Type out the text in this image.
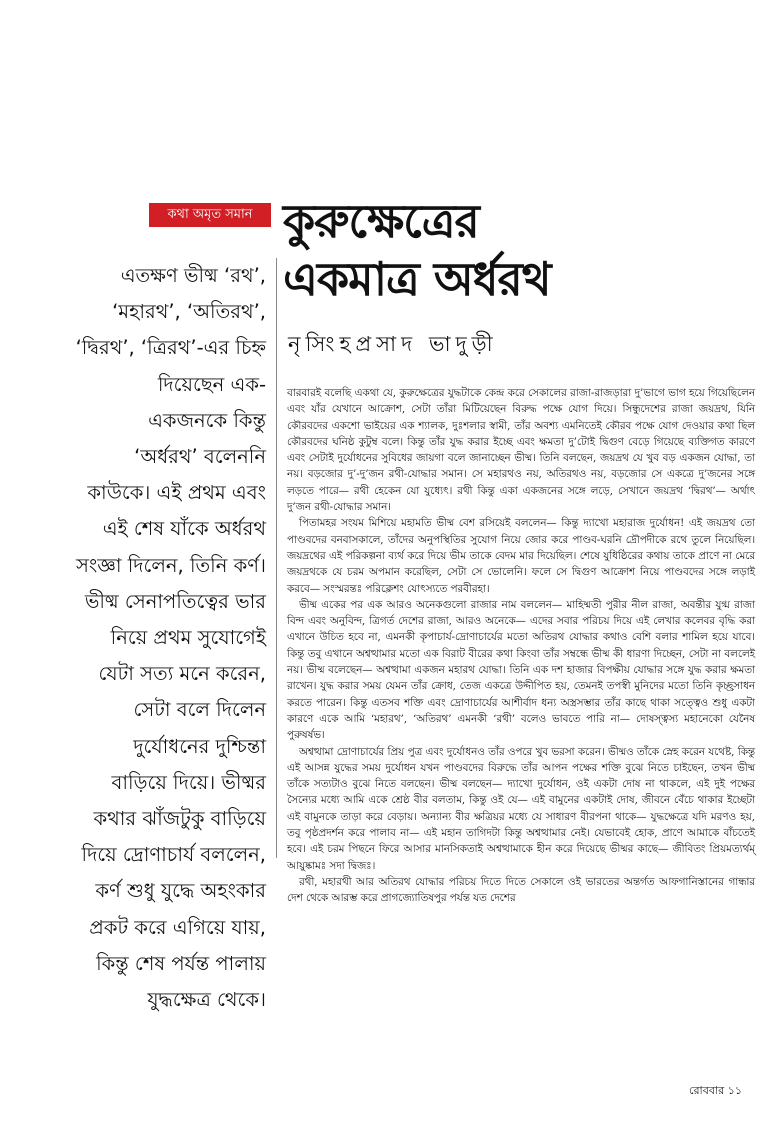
কথা অমৃত সমান কুরুক্ষেত্রের
একমাত্র অর্ধরথ
নৃসিংহপ্রসাদ ভাদুড়ী
এতক্ষণ ভীষ্ম ‘রথ’,
‘মহারথ’, ‘অতিরথ’,
‘দ্বিরথ’, ‘ত্রিরথ’-এর চিহ্ন
দিয়েছেন এক-
একজনকে কিন্তু
‘অর্ধরথ’ বলেননি
কাউকে। এই প্রথম এবং
এই শেষ যাঁকে অর্ধরথ
সংজ্ঞা দিলেন, তিনি কর্ণ।
ভীষ্ম সেনাপতিত্বের ভার
নিয়ে প্রথম সুযোগেই
যেটা সত্য মনে করেন,
সেটা বলে দিলেন
দুর্যোধনের দুশ্চিন্তা
বাড়িয়ে দিয়ে। ভীষ্মর
কথার ঝাঁজটুকু বাড়িয়ে
দিয়ে দ্রোণাচার্য বললেন,
কর্ণ শুধু যুদ্ধে অহংকার
প্রকট করে এগিয়ে যায়,
কিন্তু শেষ পর্যন্ত পালায়
যুদ্ধক্ষেত্র থেকে।

বারবারই বলেছি একথা যে, কুরুক্ষেত্রের যুদ্ধটাকে কেন্দ্র করে সেকালের রাজা-রাজড়ারা দু’ভাগে ভাগ হয়ে গিয়েছিলেন এবং যাঁর যেখানে আক্রোশ, সেটা তাঁরা মিটিয়েছেন বিরুদ্ধ পক্ষে যোগ দিয়ে। সিন্ধুদেশের রাজা জয়দ্রথ, যিনি কৌরবদের একশো ভাইয়ের এক শ্যালক, দুঃশলার স্বামী, তাঁর অবশ্য এমনিতেই কৌরব পক্ষে যোগ দেওয়ার কথা ছিল কৌরবদের ঘনিষ্ঠ কুটুম্ব বলে। কিন্তু তাঁর যুদ্ধ করার ইচ্ছে এবং ক্ষমতা দু’টোই দ্বিগুণ বেড়ে গিয়েছে ব্যক্তিগত কারণে এবং সেটাই দুর্যোধনের সুবিধের জায়গা বলে জানাচ্ছেন ভীষ্ম। তিনি বলছেন, জয়দ্রথ যে খুব বড় একজন যোদ্ধা, তা নয়। বড়জোর দু’-দু’জন রথী-যোদ্ধার সমান। সে মহারথও নয়, অতিরথও নয়, বড়জোর সে একত্রে দু’জনের সঙ্গে লড়তে পারে— রথী হেকেন যো যুধ্যেৎ। রথী কিন্তু একা একজনের সঙ্গে লড়ে, সেখানে জয়দ্রথ ‘দ্বিরথ’— অর্থাৎ দু’জন রথী-যোদ্ধার সমান।

পিতামহর সংযম মিশিয়ে মহামতি ভীষ্ম বেশ রসিয়েই বললেন— কিন্তু দ্যাখো মহারাজ দুর্যোধন! এই জয়দ্রথ তো পাণ্ডবদের বনবাসকালে, তাঁদের অনুপস্থিতির সুযোগ নিয়ে জোর করে পাণ্ডব-ঘরনি দ্রৌপদীকে রথে তুলে নিয়েছিল। জয়দ্রথের এই পরিকল্পনা ব্যর্থ করে দিয়ে ভীম তাকে বেদম মার দিয়েছিল। শেষে যুধিষ্ঠিরের কথায় তাকে প্রাণে না মেরে জয়দ্রথকে যে চরম অপমান করেছিল, সেটা সে ভোলেনি। ফলে সে দ্বিগুণ আক্রোশ নিয়ে পাণ্ডবদের সঙ্গে লড়াই করবে— সংস্মরন্তঃ পরিক্লেশং যোৎস্যতে পরবীরহা।

ভীষ্ম একের পর এক আরও অনেকগুলো রাজার নাম বললেন— মাহিষ্মতী পুরীর নীল রাজা, অবন্তীর যুগ্ম রাজা বিন্দ এবং অনুবিন্দ, ত্রিগর্ত দেশের রাজা, আরও অনেকে— এদের সবার পরিচয় দিয়ে এই লেখার কলেবর বৃদ্ধি করা এখানে উচিত হবে না, এমনকী কৃপাচার্য-দ্রোণাচার্যের মতো অতিরথ যোদ্ধার কথাও বেশি বলার শামিল হয়ে যাবে। কিন্তু তবু এখানে অশ্বত্থামার মতো এক বিরাট বীরের কথা কিংবা তাঁর সম্বন্ধে ভীষ্ম কী ধারণা দিচ্ছেন, সেটা না বললেই নয়। ভীষ্ম বলেছেন— অশ্বত্থামা একজন মহারথ যোদ্ধা। তিনি এক দশ হাজার বিপক্ষীয় যোদ্ধার সঙ্গে যুদ্ধ করার ক্ষমতা রাখেন। যুদ্ধ করার সময় যেমন তাঁর ক্রোধ, তেজ একত্রে উদ্দীপিত হয়, তেমনই তপস্বী মুনিদের মতো তিনি কৃচ্ছ্রসাধন করতে পারেন। কিন্তু এতসব শক্তি এবং দ্রোণাচার্যের আশীর্বাদ ধন্য অস্ত্রসম্ভার তাঁর কাছে থাকা সত্ত্বেও শুধু একটা কারণে একে আমি ‘মহারথ’, ‘অতিরথ’ এমনকী ‘রথী’ বলেও ভাবতে পারি না— দোষস্ত্বস্য মহানেকো যেনৈষ পুরুষর্ষভ।

অশ্বত্থামা দ্রোণাচার্যের প্রিয় পুত্র এবং দুর্যোধনও তাঁর ওপরে খুব ভরসা করেন। ভীষ্মও তাঁকে স্নেহ করেন যথেষ্ট, কিন্তু এই আসন্ন যুদ্ধের সময় দুর্যোধন যখন পাণ্ডবদের বিরুদ্ধে তাঁর আপন পক্ষের শক্তি বুঝে নিতে চাইছেন, তখন ভীষ্ম তাঁকে সত্যটাও বুঝে নিতে বলছেন। ভীষ্ম বলছেন— দ্যাখো দুর্যোধন, ওই একটা দোষ না থাকলে, এই দুই পক্ষের সৈন্যের মধ্যে আমি একে শ্রেষ্ঠ বীর বলতাম, কিন্তু ওই যে— এই বামুনের একটাই দোষ, জীবনে বেঁচে থাকার ইচ্ছেটা এই বামুনকে তাড়া করে বেড়ায়। অন্যান্য বীর ক্ষত্রিয়র মধ্যে যে সাধারণ বীরপনা থাকে— যুদ্ধক্ষেত্রে যদি মরণও হয়, তবু পৃষ্ঠপ্রদর্শন করে পালাব না— এই মহান তাগিদটা কিন্তু অশ্বত্থামার নেই। যেভাবেই হোক, প্রাণে আমাকে বাঁচতেই হবে। এই চরম পিছনে ফিরে আসার মানসিকতাই অশ্বত্থামাকে হীন করে দিয়েছে ভীষ্মর কাছে— জীবিতং প্রিয়মত্যর্থম্‌ আয়ুষ্কামঃ সদা দ্বিজঃ।

রথী, মহারথী আর অতিরথ যোদ্ধার পরিচয় দিতে দিতে সেকালে ওই ভারতের অন্তর্গত আফগানিস্তানের গান্ধার দেশ থেকে আরম্ভ করে প্রাগজ্যোতিষপুর পর্যন্ত যত দেশের

রোববার ১১
